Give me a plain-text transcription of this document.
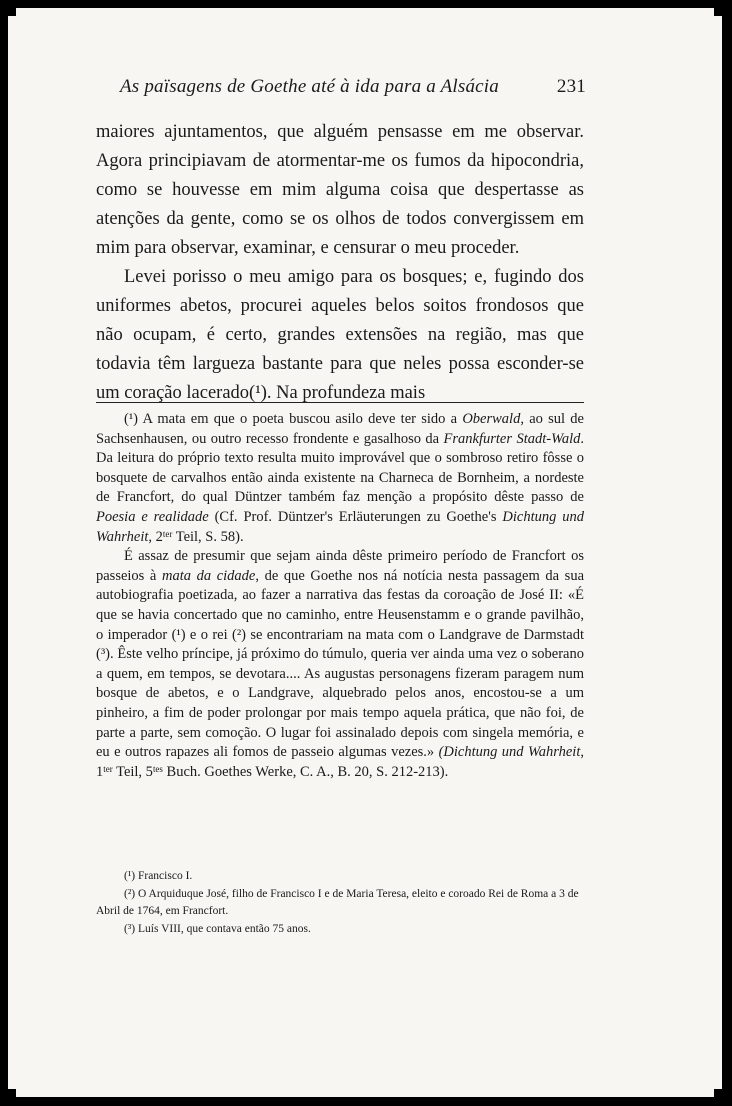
As païsagens de Goethe até à ida para a Alsácia	231

maiores ajuntamentos, que alguém pensasse em me observar. Agora principiavam de atormentar-me os fumos da hipocondria, como se houvesse em mim alguma coisa que despertasse as atenções da gente, como se os olhos de todos convergissem em mim para observar, examinar, e censurar o meu proceder.

Levei porisso o meu amigo para os bosques; e, fugindo dos uniformes abetos, procurei aqueles belos soitos frondosos que não ocupam, é certo, grandes extensões na região, mas que todavia têm largueza bastante para que neles possa esconder-se um coração lacerado(¹). Na profundeza mais

(¹) A mata em que o poeta buscou asilo deve ter sido a Oberwald, ao sul de Sachsenhausen, ou outro recesso frondente e gasalhoso da Frankfurter Stadt-Wald. Da leitura do próprio texto resulta muito improvável que o sombroso retiro fôsse o bosquete de carvalhos então ainda existente na Charneca de Bornheim, a nordeste de Francfort, do qual Düntzer também faz menção a propósito dêste passo de Poesia e realidade (Cf. Prof. Düntzer's Erläuterungen zu Goethe's Dichtung und Wahrheit, $2^{ter}$ Teil, S. 58).

É assaz de presumir que sejam ainda dêste primeiro período de Francfort os passeios à mata da cidade, de que Goethe nos ná notícia nesta passagem da sua autobiografia poetizada, ao fazer a narrativa das festas da coroação de José II: «É que se havia concertado que no caminho, entre Heusenstamm e o grande pavilhão, o imperador (¹) e o rei (²) se encontrariam na mata com o Landgrave de Darmstadt (³). Êste velho príncipe, já próximo do túmulo, queria ver ainda uma vez o soberano a quem, em tempos, se devotara.... As augustas personagens fizeram paragem num bosque de abetos, e o Landgrave, alquebrado pelos anos, encostou-se a um pinheiro, a fim de poder prolongar por mais tempo aquela prática, que não foi, de parte a parte, sem comoção. O lugar foi assinalado depois com singela memória, e eu e outros rapazes ali fomos de passeio algumas vezes.» (Dichtung und Wahrheit, $1^{ter}$ Teil, $5^{tes}$ Buch. Goethes Werke, C. A., B. 20, S. 212-213).

(¹) Francisco I.

(²) O Arquiduque José, filho de Francisco I e de Maria Teresa, eleito e coroado Rei de Roma a 3 de Abril de 1764, em Francfort.

(³) Luís VIII, que contava então 75 anos.
